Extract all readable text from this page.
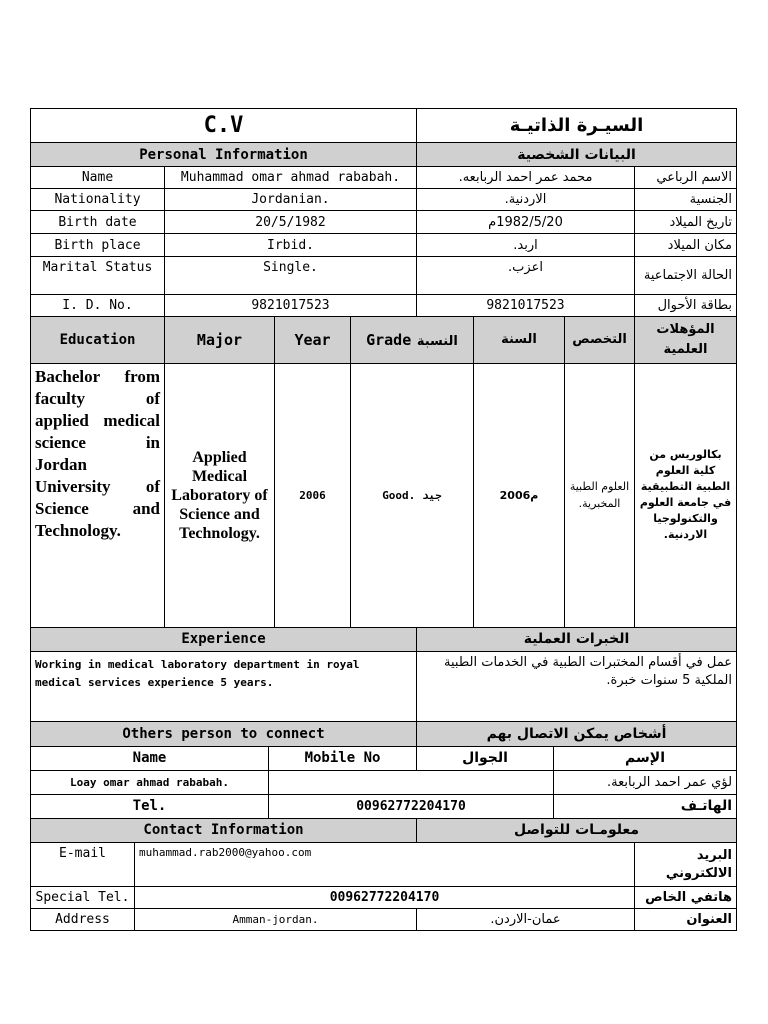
C.V		السيـرة الذاتيـة	
Personal Information		البيانات الشخصية	
Name	Muhammad omar ahmad rababah.	محمد عمر احمد الربابعه.	الاسم الرباعي
Nationality	Jordanian.	الاردنية.	الجنسية
Birth date	20/5/1982	1982/5/20م	تاريخ الميلاد
Birth place	Irbid.	اربد.	مكان الميلاد
Marital Status	Single.	اعزب.	الحالة الاجتماعية
I. D. No.	9821017523	9821017523	بطاقة الأحوال
Education	Major	Year	Grade النسبة	السنة	التخصص	المؤهلات العلمية
Bachelor from faculty of applied medical science in Jordan University of Science and Technology.	Applied Medical Laboratory of Science and Technology.	2006	Good. جيد	2006م	العلوم الطبية المخبرية.	بكالوريس من كلية العلوم الطبية التطبيقية في جامعة العلوم والتكنولوجيا الاردنية.
Experience	الخبرات العملية
Working in medical laboratory department in royal medical services experience 5 years.	عمل في أقسام المختبرات الطبية في الخدمات الطبية الملكية 5 سنوات خبرة.
Others person to connect		أشخاص يمكن الاتصال بهم	
Name	Mobile No	الجوال	الإسم
Loay omar ahmad rababah.			لؤي عمر احمد الربابعة.
Tel.	00962772204170		الهاتـف
Contact Information		معلومـات للتواصل	
E-mail	muhammad.rab2000@yahoo.com		البريد الالكتروني
Special Tel.	00962772204170		هاتفي الخاص
Address	Amman-jordan.	عمان-الاردن.	العنوان
